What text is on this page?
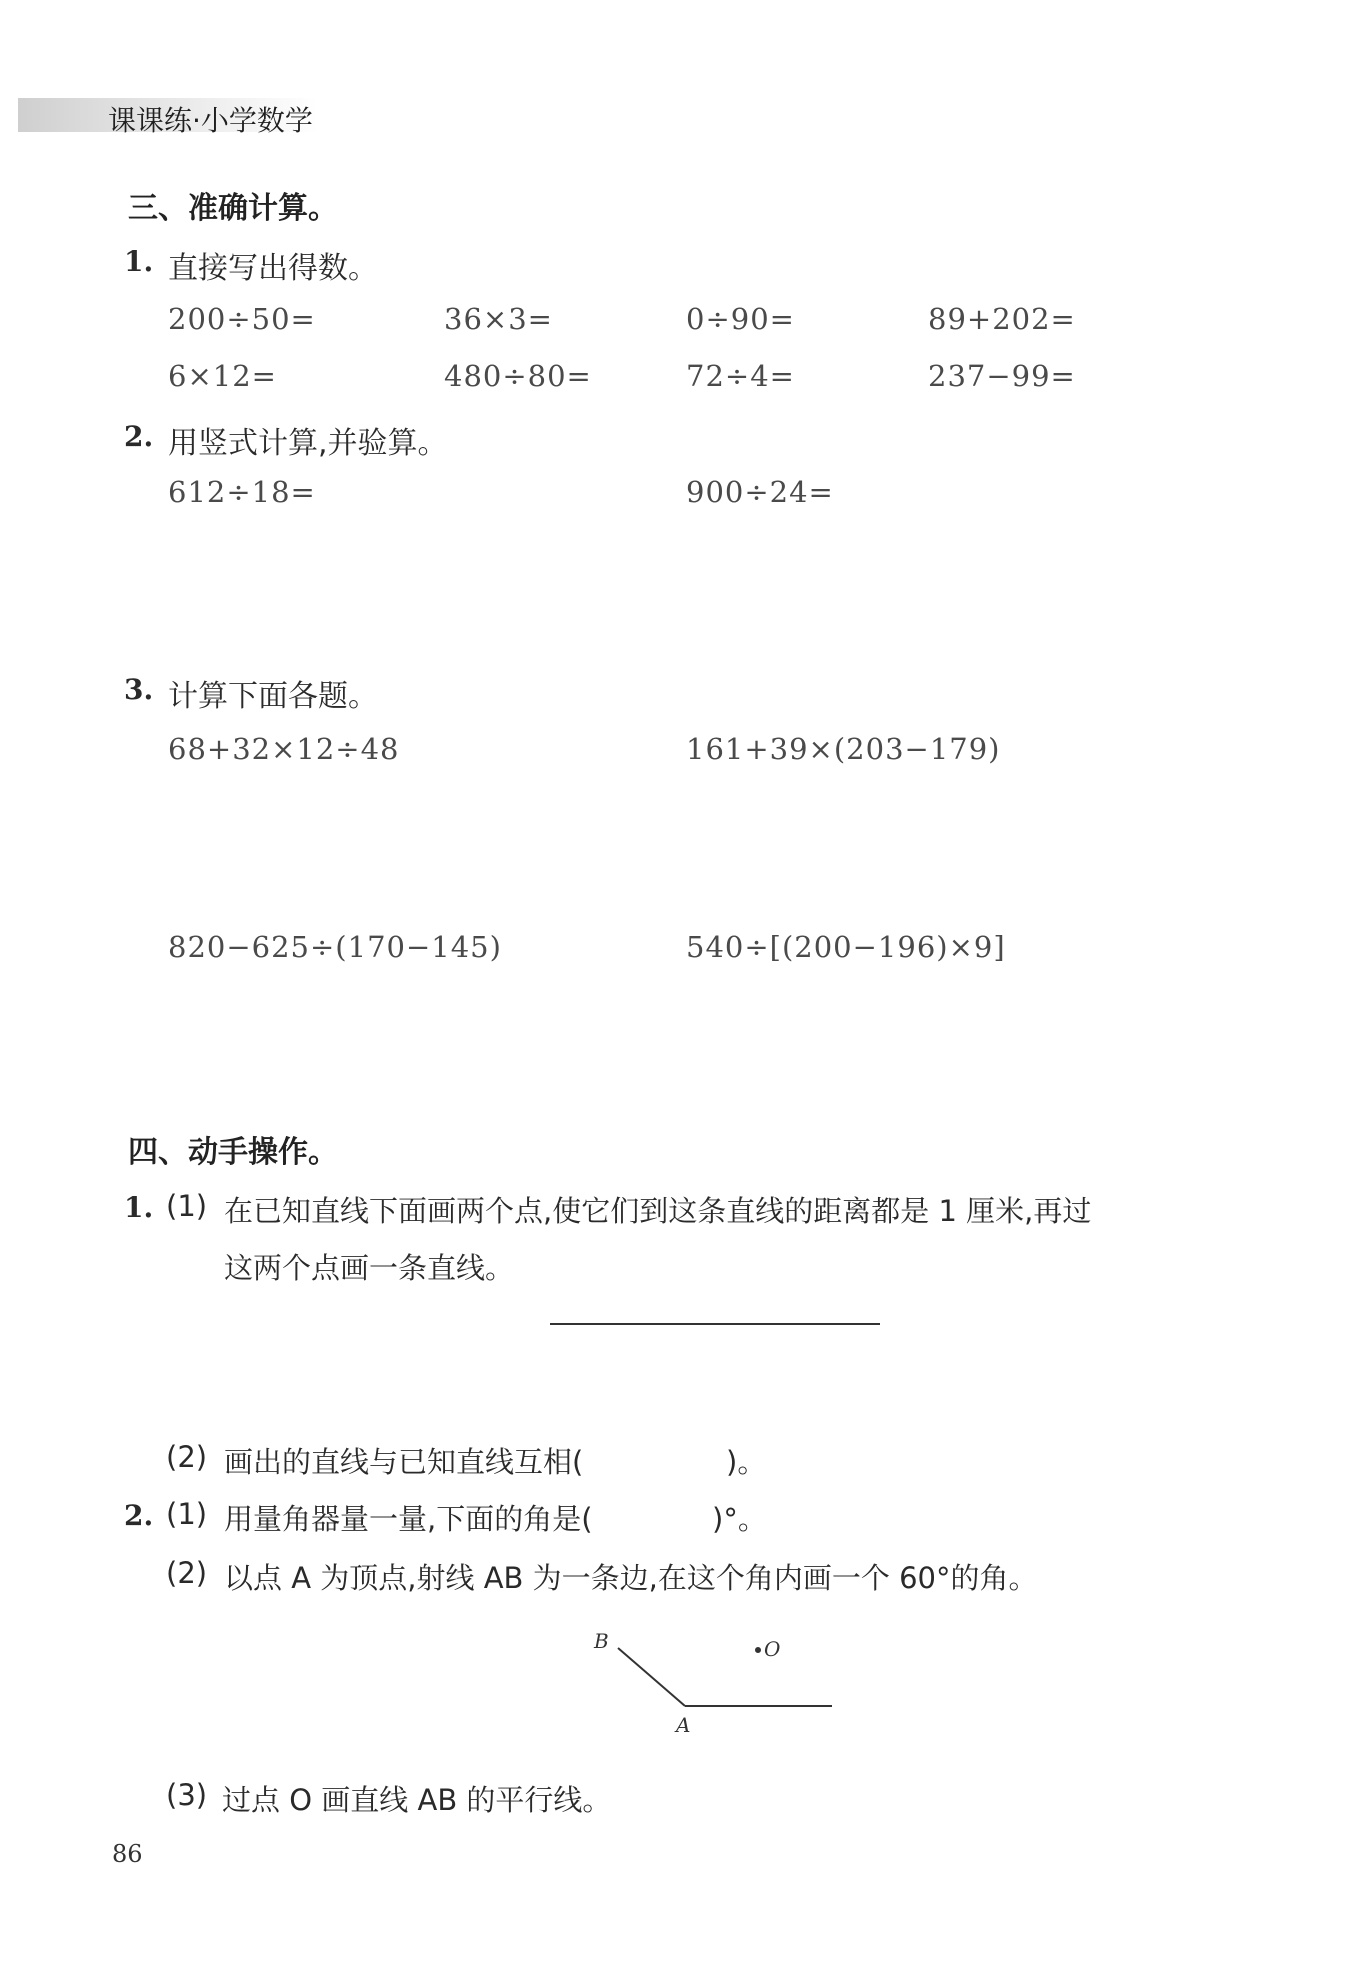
课课练·小学数学
三、准确计算。
1. 直接写出得数。
200÷50=	36×3=	0÷90=	89+202=
6×12=	480÷80=	72÷4=	237−99=
2. 用竖式计算,并验算。
612÷18=	900÷24=
3. 计算下面各题。
68+32×12÷48	161+39×(203−179)
820−625÷(170−145)	540÷[(200−196)×9]
四、动手操作。
1. (1) 在已知直线下面画两个点,使它们到这条直线的距离都是 1 厘米,再过
这两个点画一条直线。
(2) 画出的直线与已知直线互相(	)。
2. (1) 用量角器量一量,下面的角是(	)°。
(2) 以点 A 为顶点,射线 AB 为一条边,在这个角内画一个 60°的角。
B
A
O
(3) 过点 O 画直线 AB 的平行线。
86
